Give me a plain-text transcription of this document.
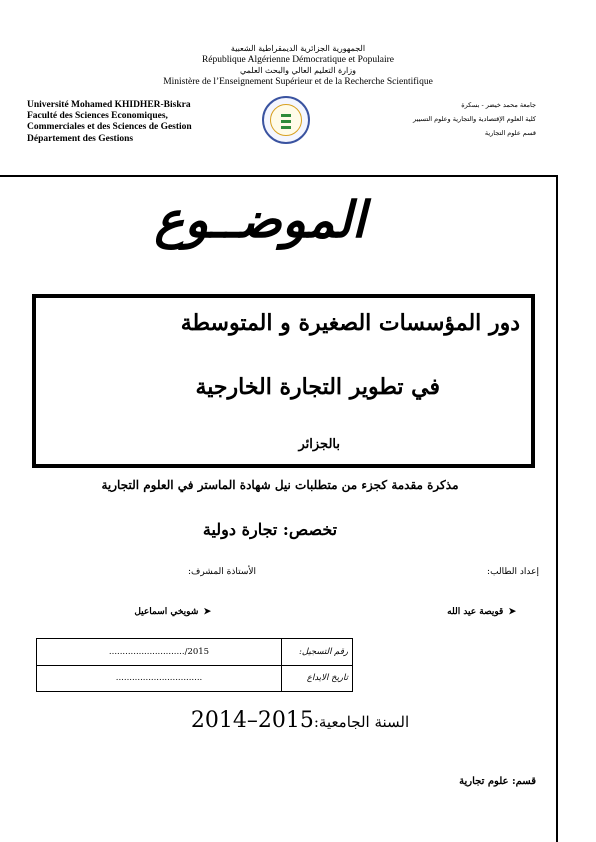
الجمهورية الجزائرية الديمقراطية الشعبية
République Algérienne Démocratique et Populaire
وزارة التعليم العالي والبحث العلمي
Ministère de l’Enseignement Supérieur et de la Recherche Scientifique
Université Mohamed KHIDHER-Biskra
Faculté des Sciences Economiques,
Commerciales et des Sciences de Gestion
Département des Gestions
جامعة محمد خيضر - بسكرة
كلية العلوم الإقتصادية والتجارية وعلوم التسيير
قسم علوم التجارية
الموضــوع
دور المؤسسات الصغيرة و المتوسطة
في تطوير التجارة الخارجية
بالجزائر
مذكرة مقدمة كجزء من متطلبات نيل شهادة الماستر في العلوم التجارية
تخصص: تجارة دولية
إعداد الطالب:
الأستاذة المشرف:
➤ قويصة عيد الله
➤ شويخي اسماعيل
............................/2015	رقم التسجيل:
................................	تاريخ الايداع
السنة الجامعية:2015–2014
قسم: علوم تجارية
